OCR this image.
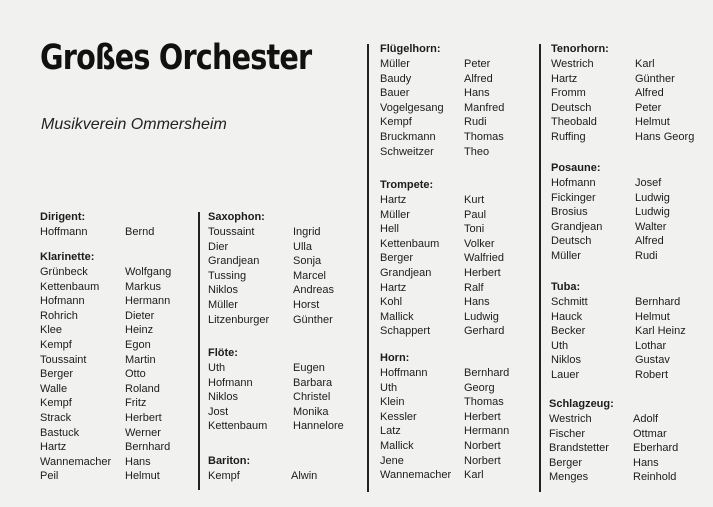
Großes Orchester
Musikverein Ommersheim
Dirigent:
Hoffmann	Bernd
Klarinette:
Grünbeck	Wolfgang
Kettenbaum	Markus
Hofmann	Hermann
Rohrich	Dieter
Klee	Heinz
Kempf	Egon
Toussaint	Martin
Berger	Otto
Walle	Roland
Kempf	Fritz
Strack	Herbert
Bastuck	Werner
Hartz	Bernhard
Wannemacher	Hans
Peil	Helmut
Saxophon:
Toussaint	Ingrid
Dier	Ulla
Grandjean	Sonja
Tussing	Marcel
Niklos	Andreas
Müller	Horst
Litzenburger	Günther
Flöte:
Uth	Eugen
Hofmann	Barbara
Niklos	Christel
Jost	Monika
Kettenbaum	Hannelore
Bariton:
Kempf	Alwin
Flügelhorn:
Müller	Peter
Baudy	Alfred
Bauer	Hans
Vogelgesang	Manfred
Kempf	Rudi
Bruckmann	Thomas
Schweitzer	Theo
Trompete:
Hartz	Kurt
Müller	Paul
Hell	Toni
Kettenbaum	Volker
Berger	Walfried
Grandjean	Herbert
Hartz	Ralf
Kohl	Hans
Mallick	Ludwig
Schappert	Gerhard
Horn:
Hoffmann	Bernhard
Uth	Georg
Klein	Thomas
Kessler	Herbert
Latz	Hermann
Mallick	Norbert
Jene	Norbert
Wannemacher	Karl
Tenorhorn:
Westrich	Karl
Hartz	Günther
Fromm	Alfred
Deutsch	Peter
Theobald	Helmut
Ruffing	Hans Georg
Posaune:
Hofmann	Josef
Fickinger	Ludwig
Brosius	Ludwig
Grandjean	Walter
Deutsch	Alfred
Müller	Rudi
Tuba:
Schmitt	Bernhard
Hauck	Helmut
Becker	Karl Heinz
Uth	Lothar
Niklos	Gustav
Lauer	Robert
Schlagzeug:
Westrich	Adolf
Fischer	Ottmar
Brandstetter	Eberhard
Berger	Hans
Menges	Reinhold
